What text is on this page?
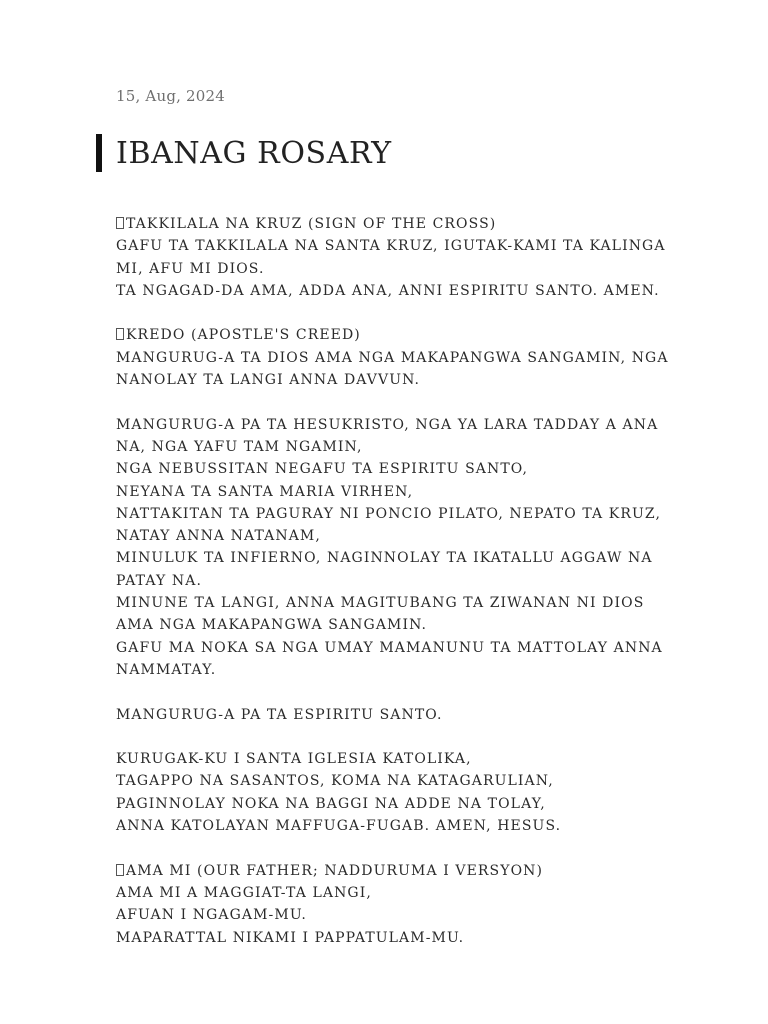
15, Aug, 2024
IBANAG ROSARY
TAKKILALA NA KRUZ (SIGN OF THE CROSS)
GAFU TA TAKKILALA NA SANTA KRUZ, IGUTAK-KAMI TA KALINGA
MI, AFU MI DIOS.
TA NGAGAD-DA AMA, ADDA ANA, ANNI ESPIRITU SANTO. AMEN.
KREDO (APOSTLE'S CREED)
MANGURUG-A TA DIOS AMA NGA MAKAPANGWA SANGAMIN, NGA
NANOLAY TA LANGI ANNA DAVVUN.
MANGURUG-A PA TA HESUKRISTO, NGA YA LARA TADDAY A ANA
NA, NGA YAFU TAM NGAMIN,
NGA NEBUSSITAN NEGAFU TA ESPIRITU SANTO,
NEYANA TA SANTA MARIA VIRHEN,
NATTAKITAN TA PAGURAY NI PONCIO PILATO, NEPATO TA KRUZ,
NATAY ANNA NATANAM,
MINULUK TA INFIERNO, NAGINNOLAY TA IKATALLU AGGAW NA
PATAY NA.
MINUNE TA LANGI, ANNA MAGITUBANG TA ZIWANAN NI DIOS
AMA NGA MAKAPANGWA SANGAMIN.
GAFU MA NOKA SA NGA UMAY MAMANUNU TA MATTOLAY ANNA
NAMMATAY.
MANGURUG-A PA TA ESPIRITU SANTO.
KURUGAK-KU I SANTA IGLESIA KATOLIKA,
TAGAPPO NA SASANTOS, KOMA NA KATAGARULIAN,
PAGINNOLAY NOKA NA BAGGI NA ADDE NA TOLAY,
ANNA KATOLAYAN MAFFUGA-FUGAB. AMEN, HESUS.
AMA MI (OUR FATHER; NADDURUMA I VERSYON)
AMA MI A MAGGIAT-TA LANGI,
AFUAN I NGAGAM-MU.
MAPARATTAL NIKAMI I PAPPATULAM-MU.
